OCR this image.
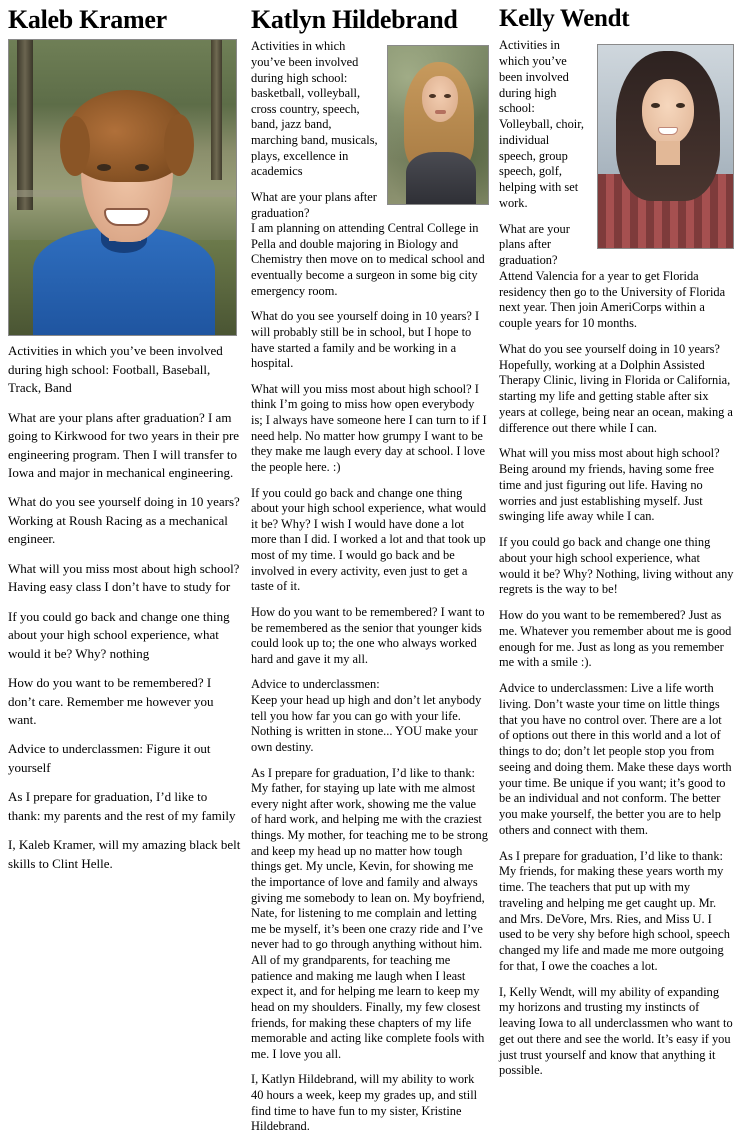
Kaleb Kramer

Activities in which you’ve been involved during high school: Football, Baseball, Track, Band

What are your plans after graduation? I am going to Kirkwood for two years in their pre engineering program. Then I will transfer to Iowa and major in mechanical engineering.

What do you see yourself doing in 10 years? Working at Roush Racing as a mechanical engineer.

What will you miss most about high school? Having easy class I don’t have to study for

If you could go back and change one thing about your high school experience, what would it be? Why? nothing

How do you want to be remembered? I don’t care. Remember me however you want.

Advice to underclassmen: Figure it out yourself

As I prepare for graduation, I’d like to thank: my parents and the rest of my family

I, Kaleb Kramer, will my amazing black belt skills to Clint Helle.

Katlyn Hildebrand

Activities in which you’ve been involved during high school: basketball, volleyball, cross country, speech, band, jazz band, marching band, musicals, plays, excellence in academics

What are your plans after graduation?

I am planning on attending Central College in Pella and double majoring in Biology and Chemistry then move on to medical school and eventually become a surgeon in some big city emergency room.

What do you see yourself doing in 10 years? I will probably still be in school, but I hope to have started a family and be working in a hospital.

What will you miss most about high school? I think I’m going to miss how open everybody is; I always have someone here I can turn to if I need help. No matter how grumpy I want to be they make me laugh every day at school. I love the people here. :)

If you could go back and change one thing about your high school experience, what would it be? Why? I wish I would have done a lot more than I did. I worked a lot and that took up most of my time. I would go back and be involved in every activity, even just to get a taste of it.

How do you want to be remembered? I want to be remembered as the senior that younger kids could look up to; the one who always worked hard and gave it my all.

Advice to underclassmen:

Keep your head up high and don’t let anybody tell you how far you can go with your life. Nothing is written in stone... YOU make your own destiny.

As I prepare for graduation, I’d like to thank: My father, for staying up late with me almost every night after work, showing me the value of hard work, and helping me with the craziest things. My mother, for teaching me to be strong and keep my head up no matter how tough things get. My uncle, Kevin, for showing me the importance of love and family and always giving me somebody to lean on. My boyfriend, Nate, for listening to me complain and letting me be myself, it’s been one crazy ride and I’ve never had to go through anything without him. All of my grandparents, for teaching me patience and making me laugh when I least expect it, and for helping me learn to keep my head on my shoulders. Finally, my few closest friends, for making these chapters of my life memorable and acting like complete fools with me. I love you all.

I, Katlyn Hildebrand, will my ability to work 40 hours a week, keep my grades up, and still find time to have fun to my sister, Kristine Hildebrand.

Kelly Wendt

Activities in which you’ve been involved during high school: Volleyball, choir, individual speech, group speech, golf, helping with set work.

What are your plans after graduation? Attend Valencia for a year to get Florida residency then go to the University of Florida next year. Then join AmeriCorps within a couple years for 10 months.

What do you see yourself doing in 10 years? Hopefully, working at a Dolphin Assisted Therapy Clinic, living in Florida or California, starting my life and getting stable after six years at college, being near an ocean, making a difference out there while I can.

What will you miss most about high school? Being around my friends, having some free time and just figuring out life. Having no worries and just establishing myself. Just swinging life away while I can.

If you could go back and change one thing about your high school experience, what would it be? Why? Nothing, living without any regrets is the way to be!

How do you want to be remembered? Just as me. Whatever you remember about me is good enough for me. Just as long as you remember me with a smile :).

Advice to underclassmen: Live a life worth living. Don’t waste your time on little things that you have no control over. There are a lot of options out there in this world and a lot of things to do; don’t let people stop you from seeing and doing them. Make these days worth your time. Be unique if you want; it’s good to be an individual and not conform. The better you make yourself, the better you are to help others and connect with them.

As I prepare for graduation, I’d like to thank: My friends, for making these years worth my time. The teachers that put up with my traveling and helping me get caught up. Mr. and Mrs. DeVore, Mrs. Ries, and Miss U. I used to be very shy before high school, speech changed my life and made me more outgoing for that, I owe the coaches a lot.

I, Kelly Wendt, will my ability of expanding my horizons and trusting my instincts of leaving Iowa to all underclassmen who want to get out there and see the world. It’s easy if you just trust yourself and know that anything it possible.
